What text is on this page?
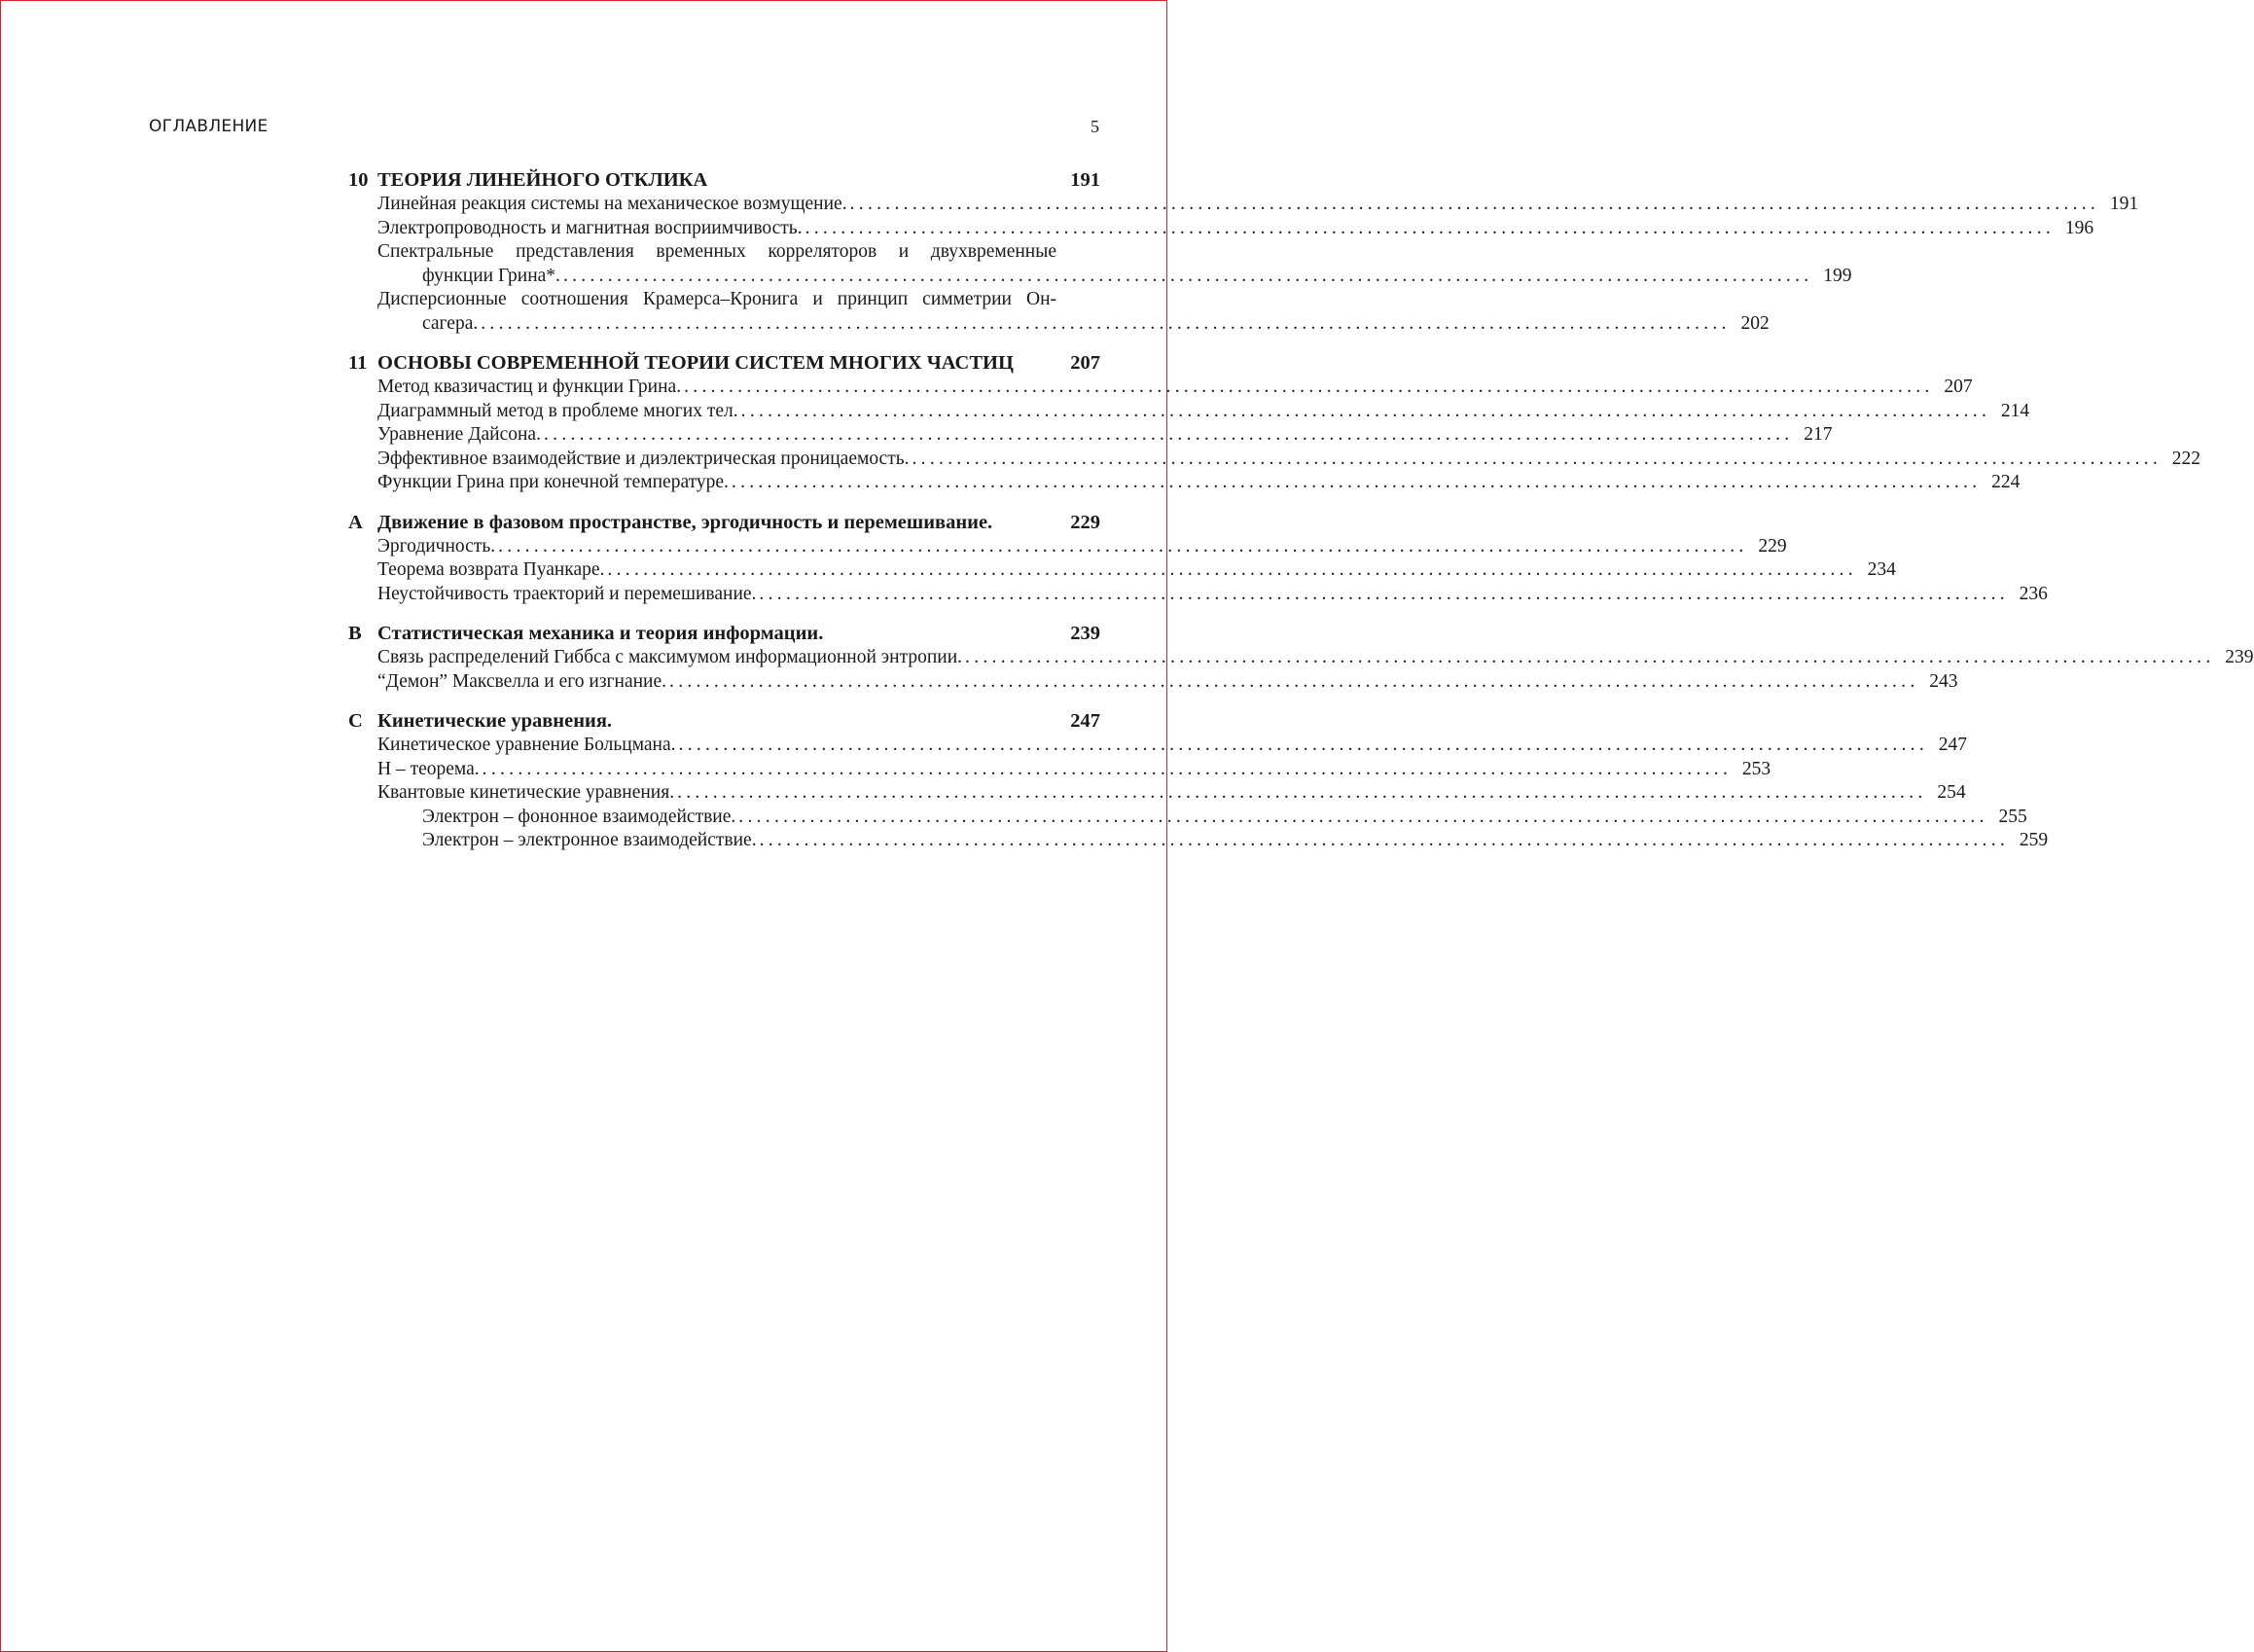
ОГЛАВЛЕНИЕ	5
10 ТЕОРИЯ ЛИНЕЙНОГО ОТКЛИКА	191
Линейная реакция системы на механическое возмущение. ............................................................................................................................................ 191
Электропроводность и магнитная восприимчивость. ............................................................................................................................................ 196
Спектральные представления временных корреляторов и двухвременные
функции Грина*. ............................................................................................................................................ 199
Дисперсионные соотношения Крамерса–Кронига и принцип симметрии Он-
сагера. ............................................................................................................................................ 202
11 ОСНОВЫ СОВРЕМЕННОЙ ТЕОРИИ СИСТЕМ МНОГИХ ЧАСТИЦ	207
Метод квазичастиц и функции Грина. ............................................................................................................................................ 207
Диаграммный метод в проблеме многих тел. ............................................................................................................................................ 214
Уравнение Дайсона. ............................................................................................................................................ 217
Эффективное взаимодействие и диэлектрическая проницаемость. ............................................................................................................................................ 222
Функции Грина при конечной температуре. ............................................................................................................................................ 224
A Движение в фазовом пространстве, эргодичность и перемешивание.	229
Эргодичность. ............................................................................................................................................ 229
Теорема возврата Пуанкаре. ............................................................................................................................................ 234
Неустойчивость траекторий и перемешивание. ............................................................................................................................................ 236
B Статистическая механика и теория информации.	239
Связь распределений Гиббса с максимумом информационной энтропии. ............................................................................................................................................ 239
“Демон” Максвелла и его изгнание. ............................................................................................................................................ 243
C Кинетические уравнения.	247
Кинетическое уравнение Больцмана. ............................................................................................................................................ 247
H – теорема. ............................................................................................................................................ 253
Квантовые кинетические уравнения. ............................................................................................................................................ 254
Электрон – фононное взаимодействие. ............................................................................................................................................ 255
Электрон – электронное взаимодействие. ............................................................................................................................................ 259
